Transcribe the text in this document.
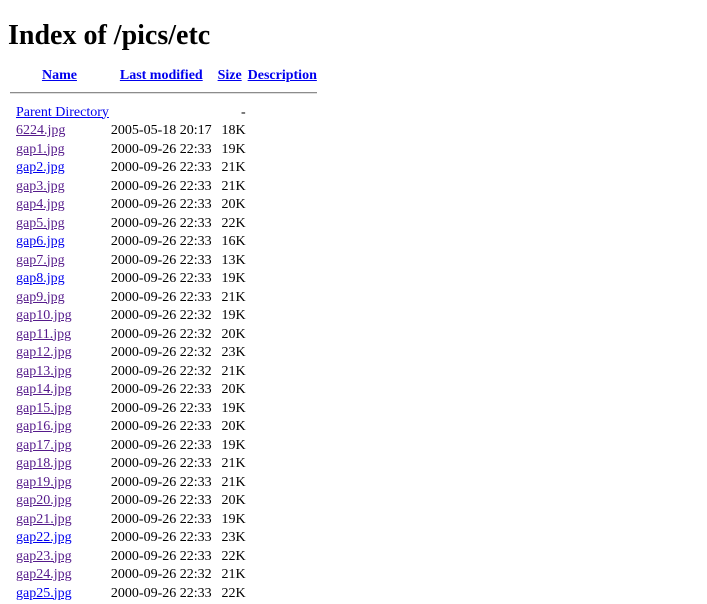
Index of /pics/etc
Name	Last modified	Size	Description

Parent Directory		-	
6224.jpg	2005-05-18 20:17	18K	
gap1.jpg	2000-09-26 22:33	19K	
gap2.jpg	2000-09-26 22:33	21K	
gap3.jpg	2000-09-26 22:33	21K	
gap4.jpg	2000-09-26 22:33	20K	
gap5.jpg	2000-09-26 22:33	22K	
gap6.jpg	2000-09-26 22:33	16K	
gap7.jpg	2000-09-26 22:33	13K	
gap8.jpg	2000-09-26 22:33	19K	
gap9.jpg	2000-09-26 22:33	21K	
gap10.jpg	2000-09-26 22:32	19K	
gap11.jpg	2000-09-26 22:32	20K	
gap12.jpg	2000-09-26 22:32	23K	
gap13.jpg	2000-09-26 22:32	21K	
gap14.jpg	2000-09-26 22:33	20K	
gap15.jpg	2000-09-26 22:33	19K	
gap16.jpg	2000-09-26 22:33	20K	
gap17.jpg	2000-09-26 22:33	19K	
gap18.jpg	2000-09-26 22:33	21K	
gap19.jpg	2000-09-26 22:33	21K	
gap20.jpg	2000-09-26 22:33	20K	
gap21.jpg	2000-09-26 22:33	19K	
gap22.jpg	2000-09-26 22:33	23K	
gap23.jpg	2000-09-26 22:33	22K	
gap24.jpg	2000-09-26 22:32	21K	
gap25.jpg	2000-09-26 22:33	22K	
